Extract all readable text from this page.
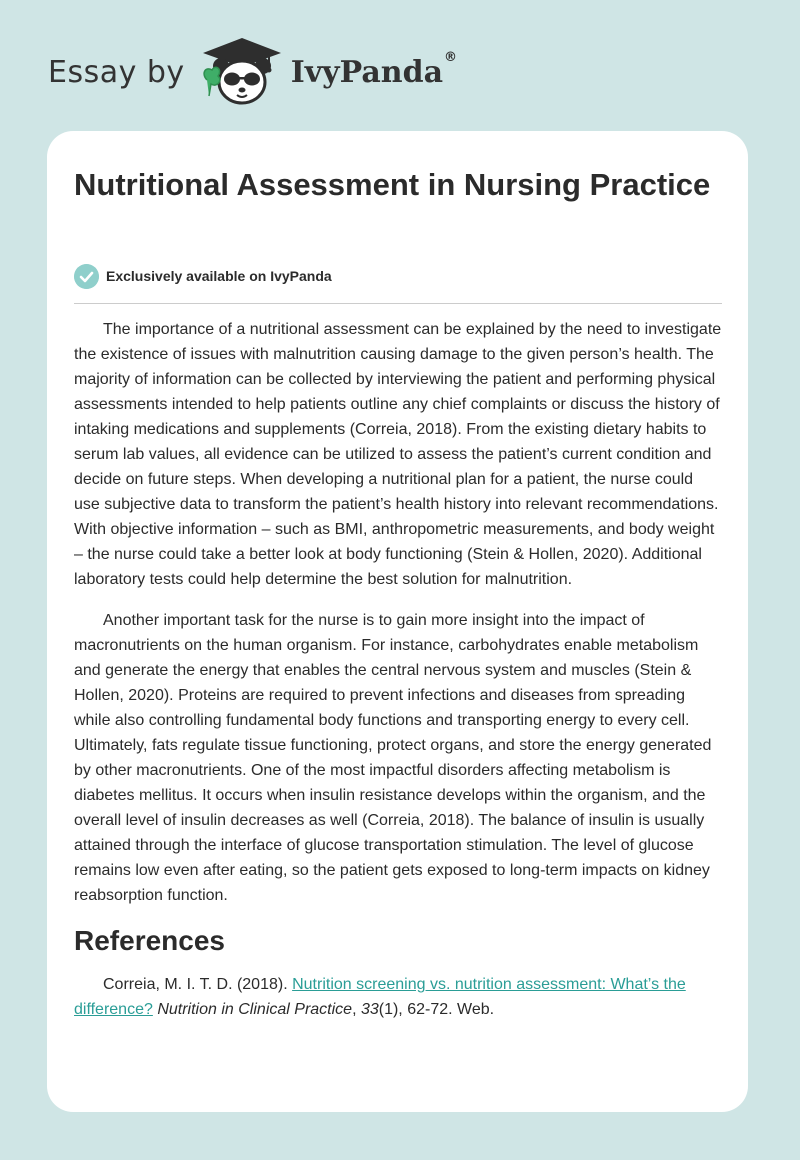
Essay by	IvyPanda ®
Nutritional Assessment in Nursing Practice
Exclusively available on IvyPanda

The importance of a nutritional assessment can be explained by the need to investigate the existence of issues with malnutrition causing damage to the given person’s health. The majority of information can be collected by interviewing the patient and performing physical assessments intended to help patients outline any chief complaints or discuss the history of intaking medications and supplements (Correia, 2018). From the existing dietary habits to serum lab values, all evidence can be utilized to assess the patient’s current condition and decide on future steps. When developing a nutritional plan for a patient, the nurse could use subjective data to transform the patient’s health history into relevant recommendations. With objective information – such as BMI, anthropometric measurements, and body weight – the nurse could take a better look at body functioning (Stein & Hollen, 2020). Additional laboratory tests could help determine the best solution for malnutrition.

Another important task for the nurse is to gain more insight into the impact of macronutrients on the human organism. For instance, carbohydrates enable metabolism and generate the energy that enables the central nervous system and muscles (Stein & Hollen, 2020). Proteins are required to prevent infections and diseases from spreading while also controlling fundamental body functions and transporting energy to every cell. Ultimately, fats regulate tissue functioning, protect organs, and store the energy generated by other macronutrients. One of the most impactful disorders affecting metabolism is diabetes mellitus. It occurs when insulin resistance develops within the organism, and the overall level of insulin decreases as well (Correia, 2018). The balance of insulin is usually attained through the interface of glucose transportation stimulation. The level of glucose remains low even after eating, so the patient gets exposed to long-term impacts on kidney reabsorption function.

References

Correia, M. I. T. D. (2018). Nutrition screening vs. nutrition assessment: What’s the difference? Nutrition in Clinical Practice, 33(1), 62-72. Web.
